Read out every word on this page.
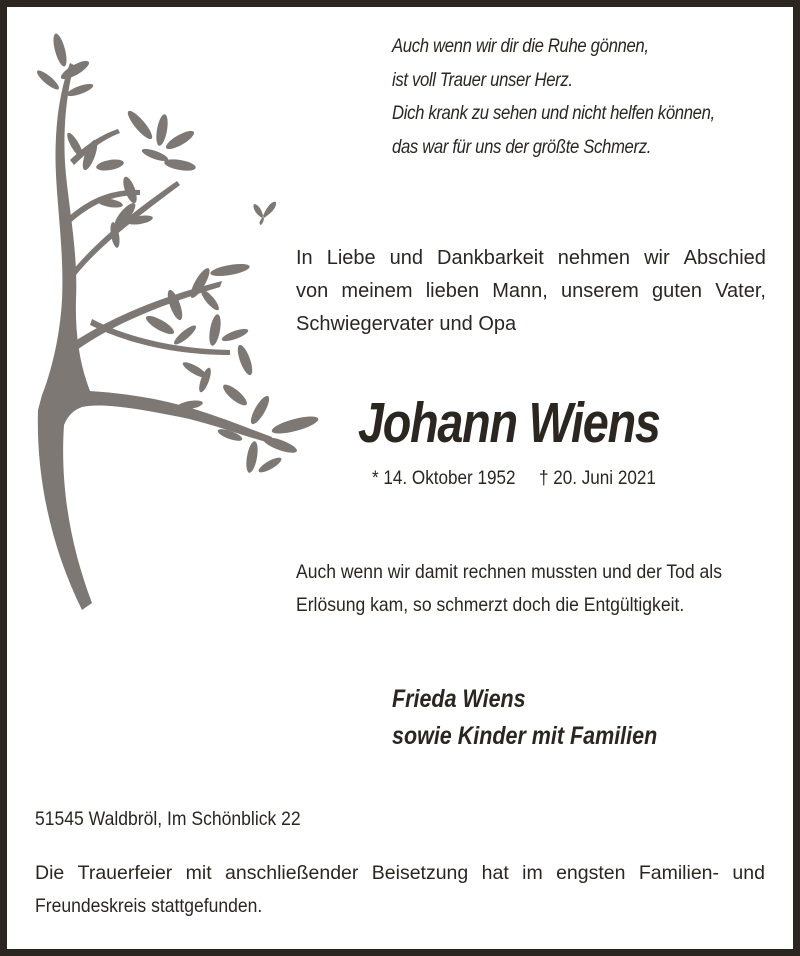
Auch wenn wir dir die Ruhe gönnen,
ist voll Trauer unser Herz.
Dich krank zu sehen und nicht helfen können,
das war für uns der größte Schmerz.
In Liebe und Dankbarkeit nehmen wir Abschied
von meinem lieben Mann, unserem guten Vater,
Schwiegervater und Opa
Johann Wiens
* 14. Oktober 1952 † 20. Juni 2021
Auch wenn wir damit rechnen mussten und der Tod als
Erlösung kam, so schmerzt doch die Entgültigkeit.
Frieda Wiens
sowie Kinder mit Familien
51545 Waldbröl, Im Schönblick 22
Die Trauerfeier mit anschließender Beisetzung hat im engsten Familien- und
Freundeskreis stattgefunden.
